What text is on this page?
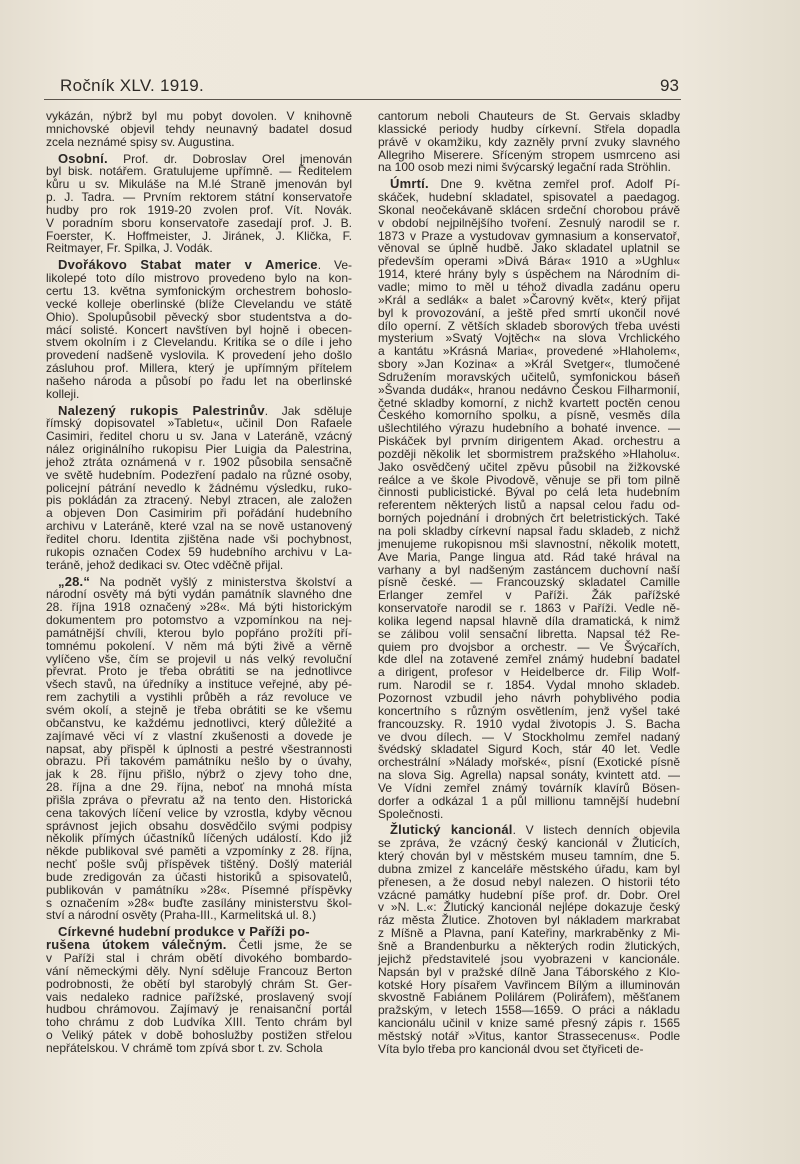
Ročník XLV. 1919.	93
vykázán, nýbrž byl mu pobyt dovolen. V knihovně
mnichovské objevil tehdy neunavný badatel dosud
zcela neznámé spisy sv. Augustina.
Osobní. Prof. dr. Dobroslav Orel jmenován
byl bisk. notářem. Gratulujeme upřímně. — Ředitelem
kůru u sv. Mikuláše na M.lé Straně jmenován byl
p. J. Tadra. — Prvním rektorem státní konservatoře
hudby pro rok 1919-20 zvolen prof. Vít. Novák.
V poradním sboru konservatoře zasedají prof. J. B.
Foerster, K. Hoffmeister, J. Jiránek, J. Klička, F.
Reitmayer, Fr. Spilka, J. Vodák.
Dvořákovo Stabat mater v Americe. Ve-
likolepé toto dílo mistrovo provedeno bylo na kon-
certu 13. května symfonickým orchestrem bohoslo-
vecké kolleje oberlinské (blíže Clevelandu ve státě
Ohio). Spolupůsobil pěvecký sbor studentstva a do-
mácí solisté. Koncert navštíven byl hojně i obecen-
stvem okolním i z Clevelandu. Kritika se o díle i jeho
provedení nadšeně vyslovila. K provedení jeho došlo
zásluhou prof. Millera, který je upřímným přítelem
našeho národa a působí po řadu let na oberlinské
kolleji.
Nalezený rukopis Palestrinův. Jak sděluje
římský dopisovatel »Tabletu«, učinil Don Rafaele
Casimiri, ředitel choru u sv. Jana v Lateráně, vzácný
nález originálního rukopisu Pier Luigia da Palestrina,
jehož ztráta oznámená v r. 1902 působila sensačně
ve světě hudebním. Podezření padalo na různé osoby,
policejní pátrání nevedlo k žádnému výsledku, ruko-
pis pokládán za ztracený. Nebyl ztracen, ale založen
a objeven Don Casimirim při pořádání hudebního
archivu v Lateráně, které vzal na se nově ustanovený
ředitel choru. Identita zjištěna nade vši pochybnost,
rukopis označen Codex 59 hudebního archivu v La-
teráně, jehož dedikaci sv. Otec vděčně přijal.
„28.“ Na podnět vyšlý z ministerstva školství a
národní osvěty má býti vydán památník slavného dne
28. října 1918 označený »28«. Má býti historickým
dokumentem pro potomstvo a vzpomínkou na nej-
památnější chvíli, kterou bylo popřáno prožíti pří-
tomnému pokolení. V něm má býti živě a věrně
vylíčeno vše, čím se projevil u nás velký revoluční
převrat. Proto je třeba obrátiti se na jednotlivce
všech stavů, na úředníky a instituce veřejné, aby pé-
rem zachytili a vystihli průběh a ráz revoluce ve
svém okolí, a stejně je třeba obrátiti se ke všemu
občanstvu, ke každému jednotlivci, který důležité a
zajímavé věci ví z vlastní zkušenosti a dovede je
napsat, aby přispěl k úplnosti a pestré všestrannosti
obrazu. Při takovém památníku nešlo by o úvahy,
jak k 28. říjnu přišlo, nýbrž o zjevy toho dne,
28. října a dne 29. října, neboť na mnohá místa
přišla zpráva o převratu až na tento den. Historická
cena takových líčení velice by vzrostla, kdyby věcnou
správnost jejich obsahu dosvědčilo svými podpisy
několik přímých účastníků líčených událostí. Kdo již
někde publikoval své paměti a vzpomínky z 28. října,
nechť pošle svůj příspěvek tištěný. Došlý materiál
bude zredigován za účasti historiků a spisovatelů,
publikován v památníku »28«. Písemné příspěvky
s označením »28« buďte zasílány ministerstvu škol-
ství a národní osvěty (Praha-III., Karmelitská ul. 8.)
Církevné hudební produkce v Paříži po-
rušena útokem válečným. Četli jsme, že se
v Paříži stal i chrám obětí divokého bombardo-
vání německými děly. Nyní sděluje Francouz Berton
podrobnosti, že obětí byl starobylý chrám St. Ger-
vais nedaleko radnice pařížské, proslavený svojí
hudbou chrámovou. Zajímavý je renaisanční portál
toho chrámu z dob Ludvíka XIII. Tento chrám byl
o Veliký pátek v době bohoslužby postižen střelou
nepřátelskou. V chrámě tom zpívá sbor t. zv. Schola
cantorum neboli Chauteurs de St. Gervais skladby
klassické periody hudby církevní. Střela dopadla
právě v okamžiku, kdy zazněly první zvuky slavného
Allegriho Miserere. Sříceným stropem usmrceno asi
na 100 osob mezi nimi švýcarský legační rada Ströhlin.
Úmrtí. Dne 9. května zemřel prof. Adolf Pí-
skáček, hudební skladatel, spisovatel a paedagog.
Skonal neočekávaně sklácen srdeční chorobou právě
v období nejpilnějšího tvoření. Zesnulý narodil se r.
1873 v Praze a vystudovav gymnasium a konservatoř,
věnoval se úplně hudbě. Jako skladatel uplatnil se
především operami »Divá Bára« 1910 a »Ughlu«
1914, které hrány byly s úspěchem na Národním di-
vadle; mimo to měl u téhož divadla zadánu operu
»Král a sedlák« a balet »Čarovný květ«, který přijat
byl k provozování, a ještě před smrtí ukončil nové
dílo operní. Z větších skladeb sborových třeba uvésti
mysterium »Svatý Vojtěch« na slova Vrchlického
a kantátu »Krásná Maria«, provedené »Hlaholem«,
sbory »Jan Kozina« a »Král Svetger«, tlumočené
Sdružením moravských učitelů, symfonickou báseň
»Švanda dudák«, hranou nedávno Českou Filharmonií,
četné skladby komorní, z nichž kvartett poctěn cenou
Českého komorního spolku, a písně, vesměs díla
ušlechtilého výrazu hudebního a bohaté invence. —
Piskáček byl prvním dirigentem Akad. orchestru a
později několik let sbormistrem pražského »Hlaholu«.
Jako osvědčený učitel zpěvu působil na žižkovské
reálce a ve škole Pivodově, věnuje se při tom pilně
činnosti publicistické. Býval po celá leta hudebním
referentem některých listů a napsal celou řadu od-
borných pojednání i drobných črt beletristických. Také
na poli skladby církevní napsal řadu skladeb, z nichž
jmenujeme rukopisnou mši slavnostní, několik motett,
Ave Maria, Pange lingua atd. Rád také hrával na
varhany a byl nadšeným zastáncem duchovní naší
písně české. — Francouzský skladatel Camille
Erlanger zemřel v Paříži. Žák pařížské
konservatoře narodil se r. 1863 v Paříži. Vedle ně-
kolika legend napsal hlavně díla dramatická, k nimž
se zálibou volil sensační libretta. Napsal též Re-
quiem pro dvojsbor a orchestr. — Ve Švýcařích,
kde dlel na zotavené zemřel známý hudební badatel
a dirigent, profesor v Heidelberce dr. Filip Wolf-
rum. Narodil se r. 1854. Vydal mnoho skladeb.
Pozornost vzbudil jeho návrh pohyblivého podia
koncertního s různým osvětlením, jenž vyšel také
francouzsky. R. 1910 vydal životopis J. S. Bacha
ve dvou dílech. — V Stockholmu zemřel nadaný
švédský skladatel Sigurd Koch, stár 40 let. Vedle
orchestrální »Nálady mořské«, písní (Exotické písně
na slova Sig. Agrella) napsal sonáty, kvintett atd. —
Ve Vídni zemřel známý továrník klavírů Bösen-
dorfer a odkázal 1 a půl millionu tamnější hudební
Společnosti.
Žlutický kancionál. V listech denních objevila
se zpráva, že vzácný český kancionál v Žluticích,
který chován byl v městském museu tamním, dne 5.
dubna zmizel z kanceláře městského úřadu, kam byl
přenesen, a že dosud nebyl nalezen. O historii této
vzácné památky hudební píše prof. dr. Dobr. Orel
v »N. L.«: Žlutický kancionál nejlépe dokazuje český
ráz města Žlutice. Zhotoven byl nákladem markrabat
z Míšně a Plavna, paní Kateřiny, markraběnky z Mi-
šně a Brandenburku a některých rodin žlutických,
jejichž představitelé jsou vyobrazeni v kancionále.
Napsán byl v pražské dílně Jana Táborského z Klo-
kotské Hory písařem Vavřincem Bílým a illuminován
skvostně Fabiánem Polilárem (Poliráfem), měšťanem
pražským, v letech 1558—1659. O práci a nákladu
kancionálu učinil v knize samé přesný zápis r. 1565
městský notář »Vitus, kantor Strassecenus«. Podle
Víta bylo třeba pro kancionál dvou set čtyřiceti de-
